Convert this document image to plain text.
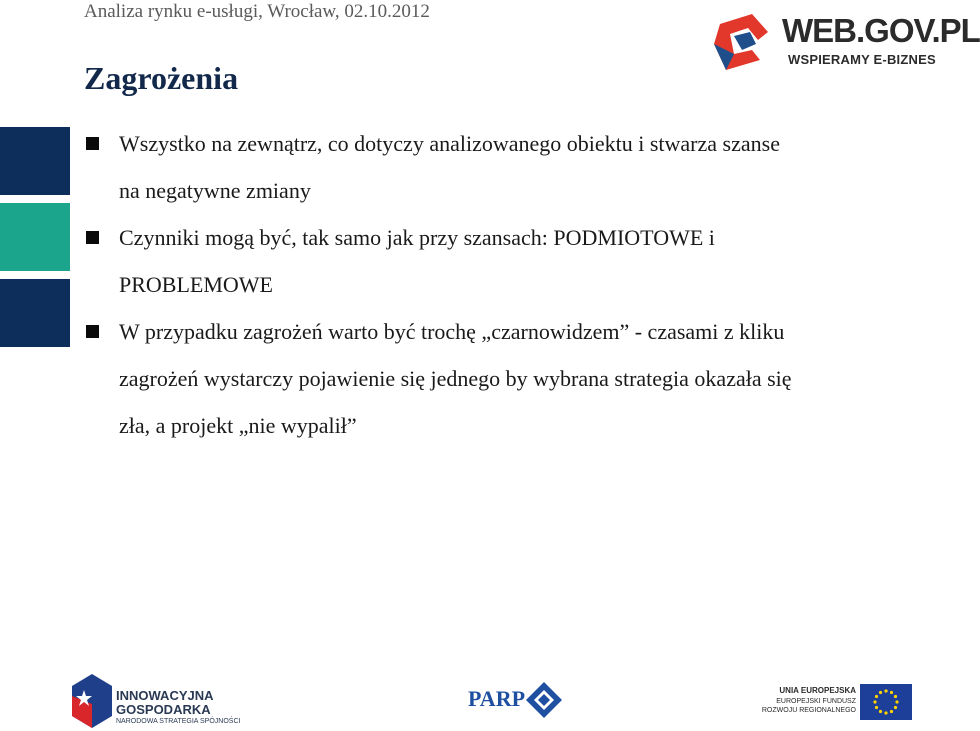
Analiza rynku e-usługi, Wrocław, 02.10.2012
WEB.GOV.PL
WSPIERAMY E-BIZNES
Zagrożenia
Wszystko na zewnątrz, co dotyczy analizowanego obiektu i stwarza szanse
na negatywne zmiany
Czynniki mogą być, tak samo jak przy szansach: PODMIOTOWE i
PROBLEMOWE
W przypadku zagrożeń warto być trochę „czarnowidzem” - czasami z kliku
zagrożeń wystarczy pojawienie się jednego by wybrana strategia okazała się
zła, a projekt „nie wypalił”
INNOWACYJNA
GOSPODARKA
NARODOWA STRATEGIA SPÓJNOŚCI
PARP	UNIA EUROPEJSKA
EUROPEJSKI FUNDUSZ
ROZWOJU REGIONALNEGO
